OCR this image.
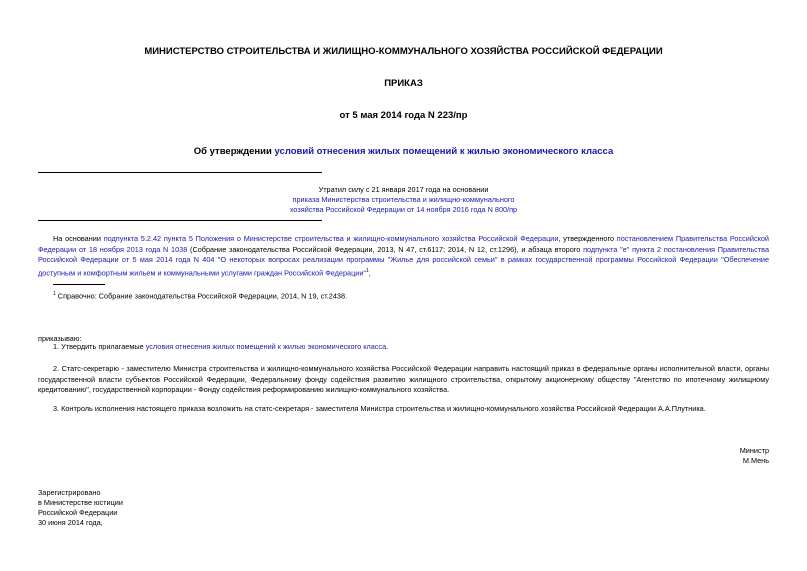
МИНИСТЕРСТВО СТРОИТЕЛЬСТВА И ЖИЛИЩНО-КОММУНАЛЬНОГО ХОЗЯЙСТВА РОССИЙСКОЙ ФЕДЕРАЦИИ
ПРИКАЗ
от 5 мая 2014 года N 223/пр
Об утверждении условий отнесения жилых помещений к жилью экономического класса
Утратил силу с 21 января 2017 года на основании
приказа Министерства строительства и жилищно-коммунального
хозяйства Российской Федерации от 14 ноября 2016 года N 800/пр
На основании подпункта 5.2.42 пункта 5 Положения о Министерстве строительства и жилищно-коммунального хозяйства Российской Федерации, утвержденного постановлением Правительства Российской Федерации от 18 ноября 2013 года N 1038 (Собрание законодательства Российской Федерации, 2013, N 47, ст.6117; 2014, N 12, ст.1296), и абзаца второго подпункта "е" пункта 2 постановления Правительства Российской Федерации от 5 мая 2014 года N 404 "О некоторых вопросах реализации программы "Жилье для российской семьи" в рамках государственной программы Российской Федерации "Обеспечение доступным и комфортным жильем и коммунальными услугами граждан Российской Федерации"$^1$,
$^1$ Справочно: Собрание законодательства Российской Федерации, 2014, N 19, ст.2438.
приказываю:
1. Утвердить прилагаемые условия отнесения жилых помещений к жилью экономического класса.
2. Статс-секретарю - заместителю Министра строительства и жилищно-коммунального хозяйства Российской Федерации направить настоящий приказ в федеральные органы исполнительной власти, органы государственной власти субъектов Российской Федерации, Федеральному фонду содействия развитию жилищного строительства, открытому акционерному обществу "Агентство по ипотечному жилищному кредитованию", государственной корпорации - Фонду содействия реформированию жилищно-коммунального хозяйства.
3. Контроль исполнения настоящего приказа возложить на статс-секретаря - заместителя Министра строительства и жилищно-коммунального хозяйства Российской Федерации А.А.Плутника.
Министр
М.Мень
Зарегистрировано
в Министерстве юстиции
Российской Федерации
30 июня 2014 года,
